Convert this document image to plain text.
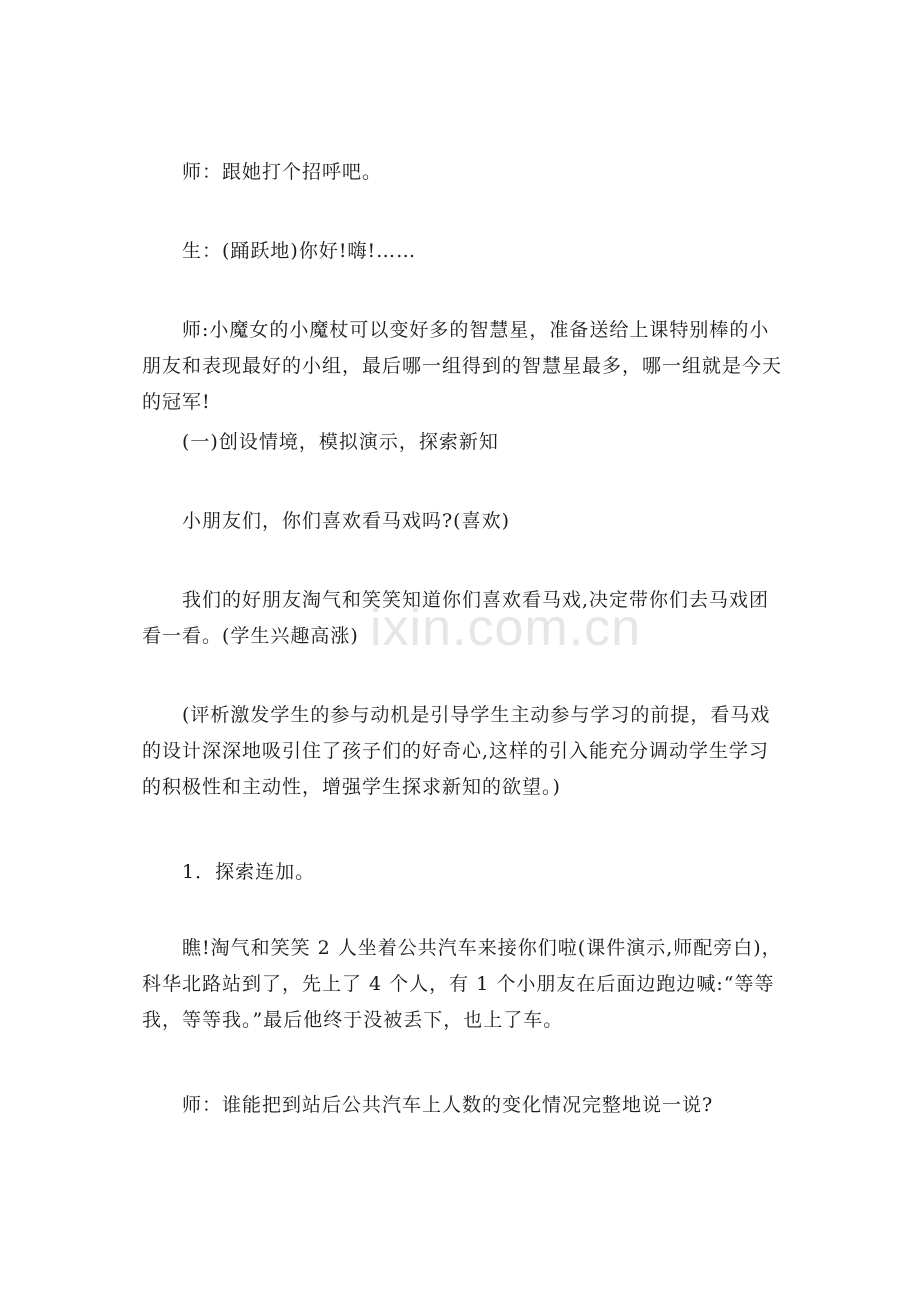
师：跟她打个招呼吧。

生：(踊跃地)你好!嗨!……

师:小魔女的小魔杖可以变好多的智慧星，准备送给上课特别棒的小朋友和表现最好的小组，最后哪一组得到的智慧星最多，哪一组就是今天的冠军!

(一)创设情境，模拟演示，探索新知

小朋友们，你们喜欢看马戏吗?(喜欢)

我们的好朋友淘气和笑笑知道你们喜欢看马戏,决定带你们去马戏团看一看。(学生兴趣高涨)

(评析激发学生的参与动机是引导学生主动参与学习的前提，看马戏的设计深深地吸引住了孩子们的好奇心,这样的引入能充分调动学生学习的积极性和主动性，增强学生探求新知的欲望。)

1．探索连加。

瞧!淘气和笑笑 2 人坐着公共汽车来接你们啦(课件演示,师配旁白)，科华北路站到了，先上了 4 个人，有 1 个小朋友在后面边跑边喊:“等等我，等等我。”最后他终于没被丢下，也上了车。

师：谁能把到站后公共汽车上人数的变化情况完整地说一说?

ixin.com.cn
